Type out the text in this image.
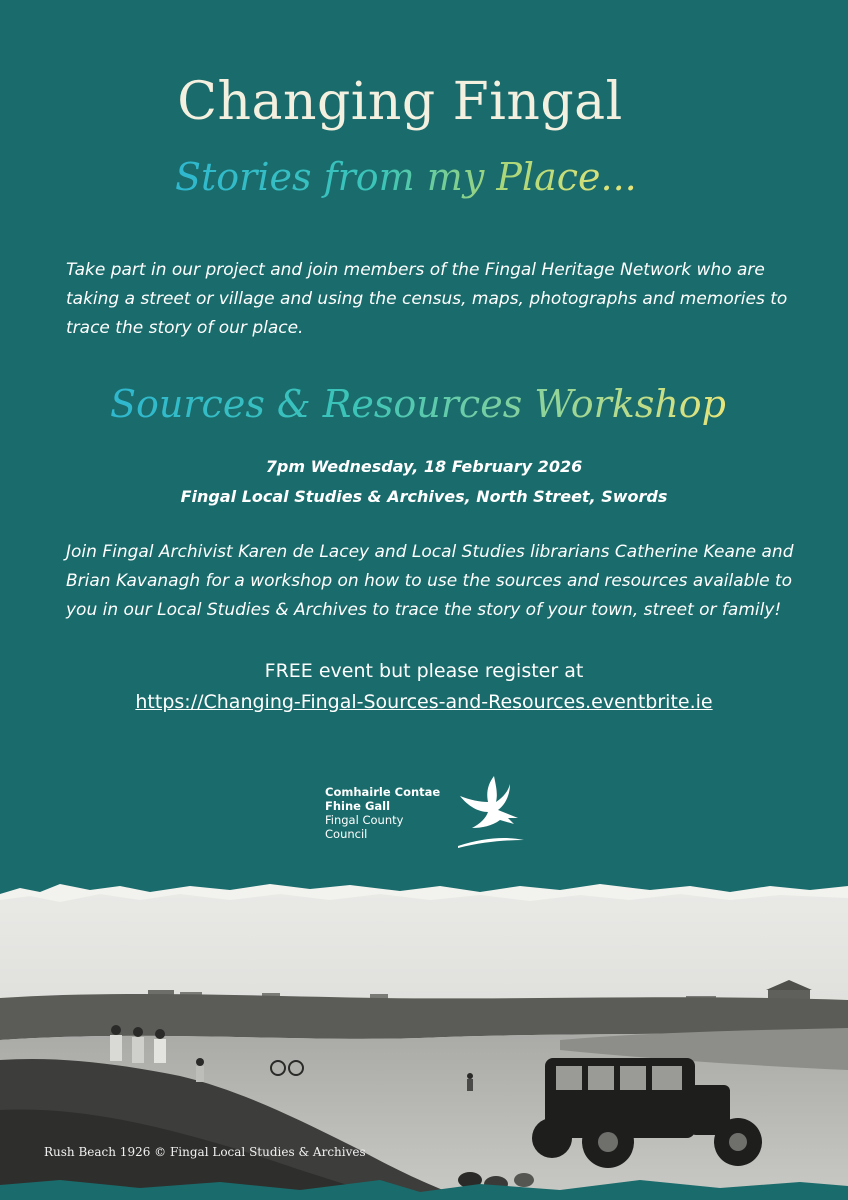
Changing Fingal
Stories from my Place...
Take part in our project and join members of the Fingal Heritage Network who are
taking a street or village and using the census, maps, photographs and memories to
trace the story of our place.
Sources & Resources Workshop
7pm Wednesday, 18 February 2026
Fingal Local Studies & Archives, North Street, Swords
Join Fingal Archivist Karen de Lacey and Local Studies librarians Catherine Keane and
Brian Kavanagh for a workshop on how to use the sources and resources available to
you in our Local Studies & Archives to trace the story of your town, street or family!
FREE event but please register at
https://Changing-Fingal-Sources-and-Resources.eventbrite.ie
Comhairle Contae
Fhine Gall
Fingal County
Council
Rush Beach 1926 © Fingal Local Studies & Archives
